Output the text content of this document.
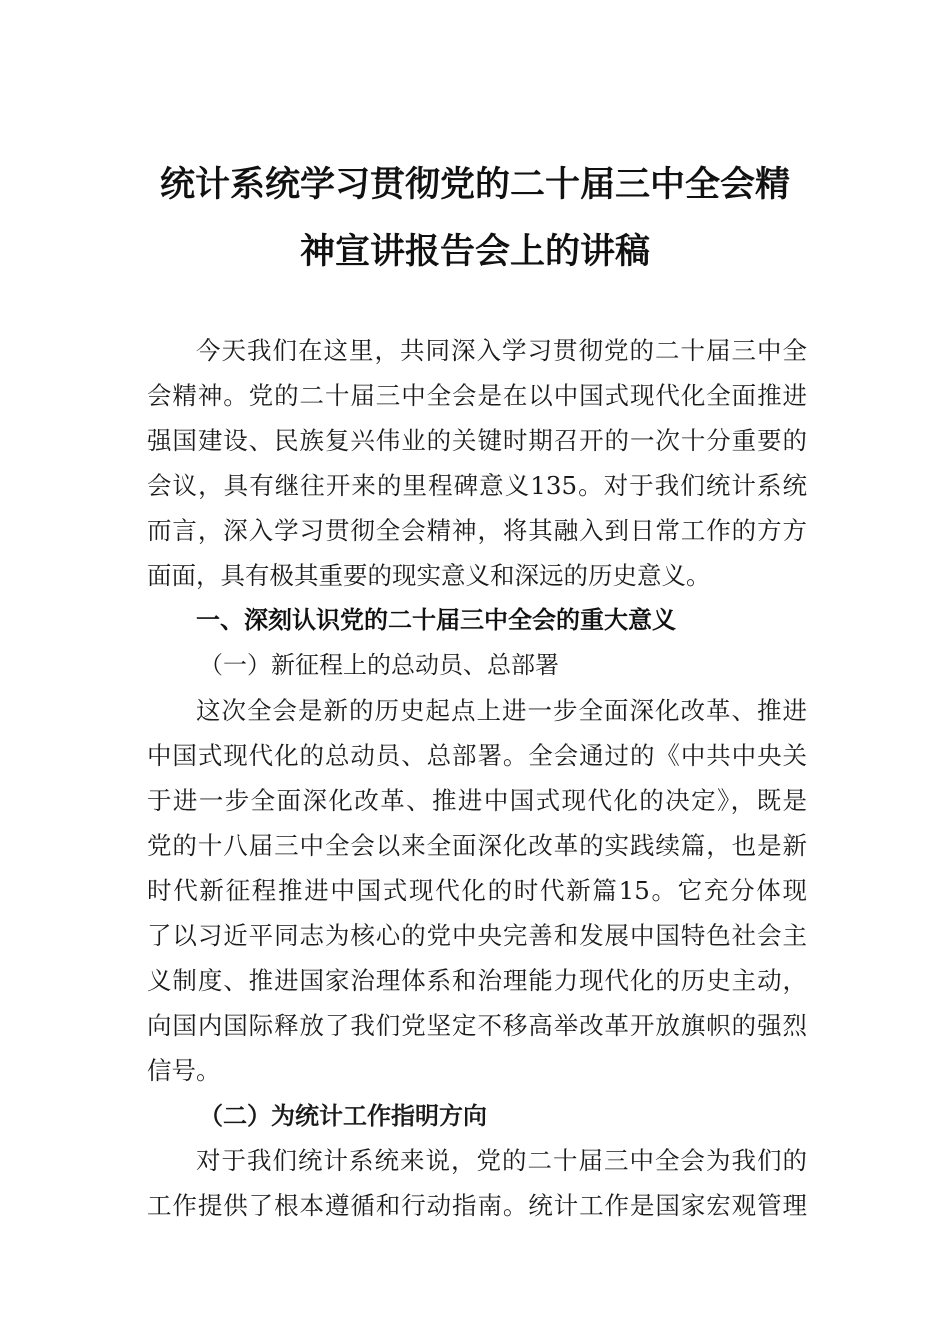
统计系统学习贯彻党的二十届三中全会精
神宣讲报告会上的讲稿
今天我们在这里，共同深入学习贯彻党的二十届三中全
会精神。党的二十届三中全会是在以中国式现代化全面推进
强国建设、民族复兴伟业的关键时期召开的一次十分重要的
会议，具有继往开来的里程碑意义135。对于我们统计系统
而言，深入学习贯彻全会精神，将其融入到日常工作的方方
面面，具有极其重要的现实意义和深远的历史意义。
一、深刻认识党的二十届三中全会的重大意义
（一）新征程上的总动员、总部署
这次全会是新的历史起点上进一步全面深化改革、推进
中国式现代化的总动员、总部署。全会通过的《中共中央关
于进一步全面深化改革、推进中国式现代化的决定》，既是
党的十八届三中全会以来全面深化改革的实践续篇，也是新
时代新征程推进中国式现代化的时代新篇15。它充分体现
了以习近平同志为核心的党中央完善和发展中国特色社会主
义制度、推进国家治理体系和治理能力现代化的历史主动，
向国内国际释放了我们党坚定不移高举改革开放旗帜的强烈
信号。
（二）为统计工作指明方向
对于我们统计系统来说，党的二十届三中全会为我们的
工作提供了根本遵循和行动指南。统计工作是国家宏观管理
